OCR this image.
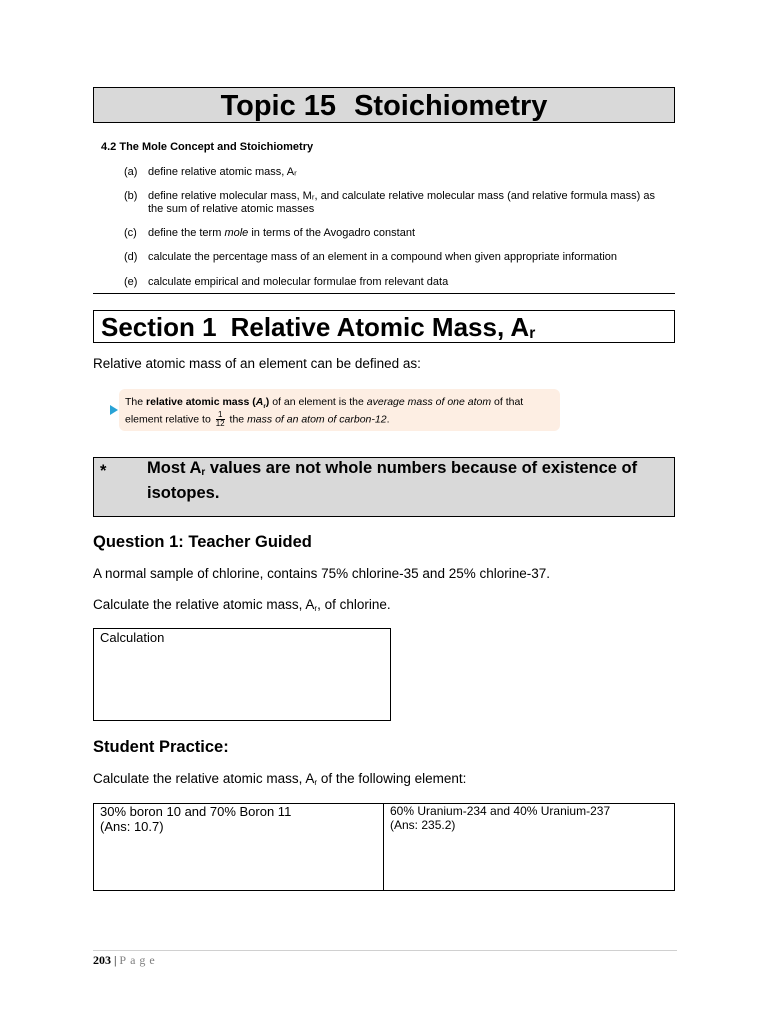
Topic 15 Stoichiometry
4.2 The Mole Concept and Stoichiometry
(a) define relative atomic mass, Aᵣ
(b) define relative molecular mass, Mᵣ, and calculate relative molecular mass (and relative formula mass) as the sum of relative atomic masses
(c)	define the term mole in terms of the Avogadro constant
(d) calculate the percentage mass of an element in a compound when given appropriate information
(e) calculate empirical and molecular formulae from relevant data
Section 1 Relative Atomic Mass, $A_r$
Relative atomic mass of an element can be defined as:
The relative atomic mass $(A_r)$ of an element is the average mass of one atom of that
element relative to $\frac{1}{12}$ the mass of an atom of carbon-12.
* Most $A_r$ values are not whole numbers because of existence of isotopes.
Question 1: Teacher Guided
A normal sample of chlorine, contains 75% chlorine-35 and 25% chlorine-37.
Calculate the relative atomic mass, $A_r$, of chlorine.
Calculation
Student Practice:
Calculate the relative atomic mass, $A_r$ of the following element:
30% boron 10 and 70% Boron 11
(Ans: 10.7)
60% Uranium-234 and 40% Uranium-237
(Ans: 235.2)
203 | Page
